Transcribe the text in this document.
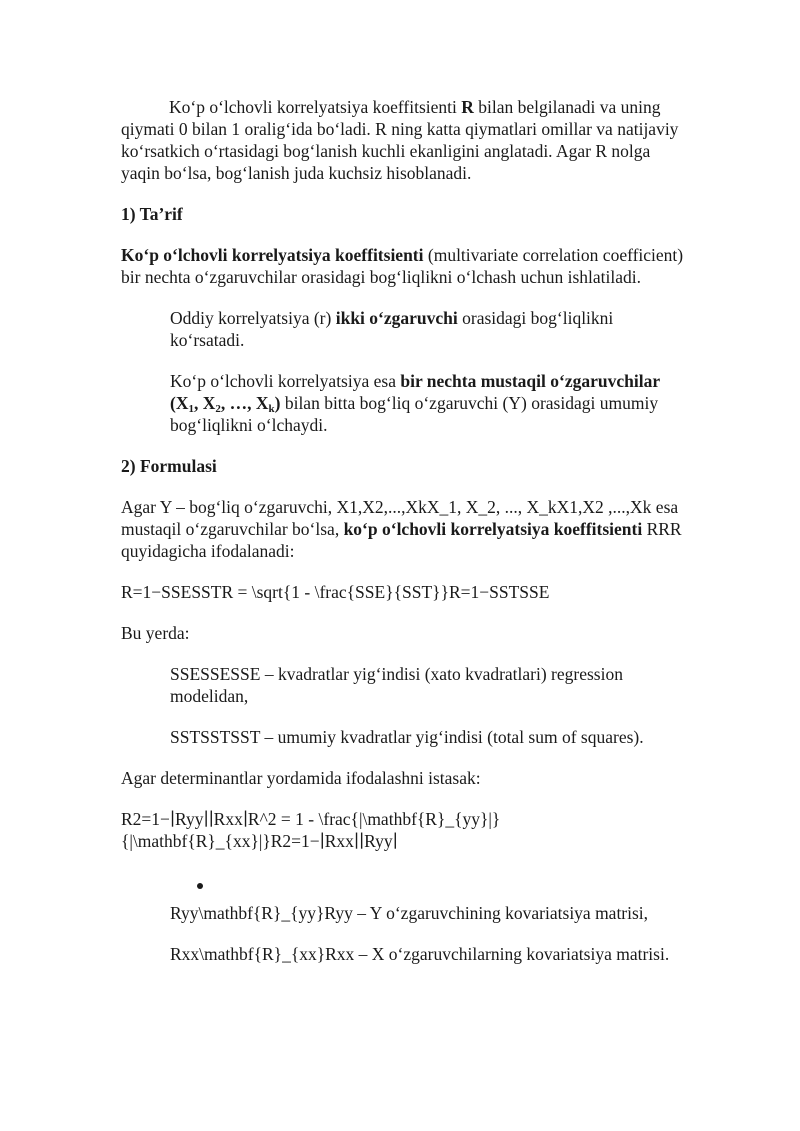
Koʻp oʻlchovli korrelyatsiya koeffitsienti R bilan belgilanadi va uning qiymati 0 bilan 1 oraligʻida boʻladi. R ning katta qiymatlari omillar va natijaviy koʻrsatkich oʻrtasidagi bogʻlanish kuchli ekanligini anglatadi. Agar R nolga yaqin boʻlsa, bogʻlanish juda kuchsiz hisoblanadi.

1) Ta’rif

Koʻp oʻlchovli korrelyatsiya koeffitsienti (multivariate correlation coefficient) bir nechta oʻzgaruvchilar orasidagi bogʻliqlikni oʻlchash uchun ishlatiladi.

Oddiy korrelyatsiya (r) ikki oʻzgaruvchi orasidagi bogʻliqlikni koʻrsatadi.

Koʻp oʻlchovli korrelyatsiya esa bir nechta mustaqil oʻzgaruvchilar ($X_1$, $X_2$, …, $X_k$) bilan bitta bogʻliq oʻzgaruvchi (Y) orasidagi umumiy bogʻliqlikni oʻlchaydi.

2) Formulasi

Agar Y – bogʻliq oʻzgaruvchi, X1,X2,...,XkX_1, X_2, ..., X_kX1,X2 ,...,Xk esa mustaqil oʻzgaruvchilar boʻlsa, koʻp oʻlchovli korrelyatsiya koeffitsienti RRR quyidagicha ifodalanadi:

R=1−SSESSTR = \sqrt{1 - \frac{SSE}{SST}}R=1−SSTSSE

Bu yerda:

SSESSESSE – kvadratlar yigʻindisi (xato kvadratlari) regression modelidan,

SSTSSTSST – umumiy kvadratlar yigʻindisi (total sum of squares).

Agar determinantlar yordamida ifodalashni istasak:

R2=1−∣Ryy∣∣Rxx∣R^2 = 1 - \frac{|\mathbf{R}_{yy}|}{|\mathbf{R}_{xx}|}R2=1−∣Rxx∣∣Ryy∣

Ryy\mathbf{R}_{yy}Ryy – Y oʻzgaruvchining kovariatsiya matrisi,

Rxx\mathbf{R}_{xx}Rxx – X oʻzgaruvchilarning kovariatsiya matrisi.
